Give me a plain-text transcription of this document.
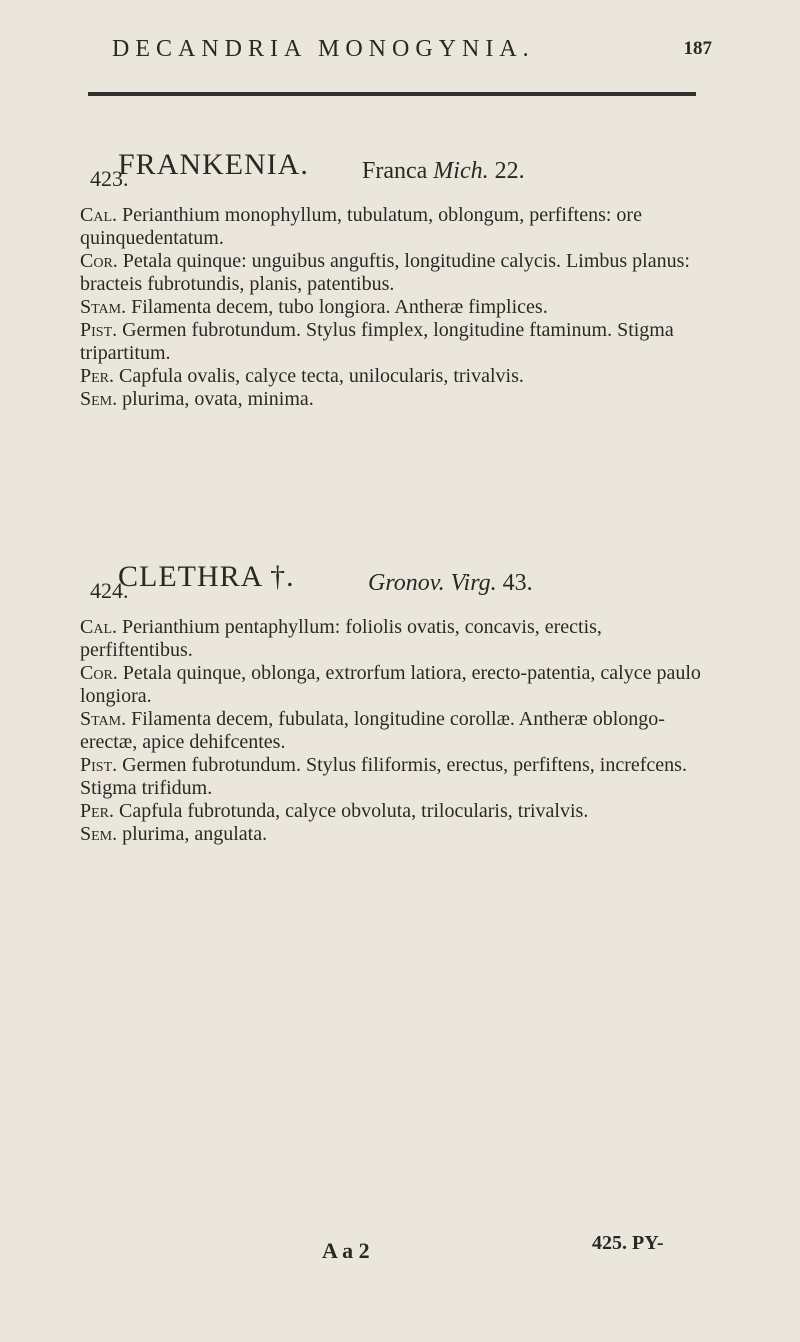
DECANDRIA MONOGYNIA.	187
423.
FRANKENIA. Franca Mich. 22.
Cal. Perianthium monophyllum, tubulatum, oblongum, perfiftens: ore quinquedentatum.
Cor. Petala quinque: unguibus anguftis, longitudine calycis. Limbus planus: bracteis fubrotundis, planis, patentibus.
Stam. Filamenta decem, tubo longiora. Antheræ fimplices.
Pist. Germen fubrotundum. Stylus fimplex, longitudine ftaminum. Stigma tripartitum.
Per. Capfula ovalis, calyce tecta, unilocularis, trivalvis.
Sem. plurima, ovata, minima.
424.
CLETHRA †.	Gronov. Virg. 43.
Cal. Perianthium pentaphyllum: foliolis ovatis, concavis, erectis, perfiftentibus.
Cor. Petala quinque, oblonga, extrorfum latiora, erecto-patentia, calyce paulo longiora.
Stam. Filamenta decem, fubulata, longitudine corollæ. Antheræ oblongo-erectæ, apice dehifcentes.
Pist. Germen fubrotundum. Stylus filiformis, erectus, perfiftens, increfcens. Stigma trifidum.
Per. Capfula fubrotunda, calyce obvoluta, trilocularis, trivalvis.
Sem. plurima, angulata.
A a 2	425. PY-
